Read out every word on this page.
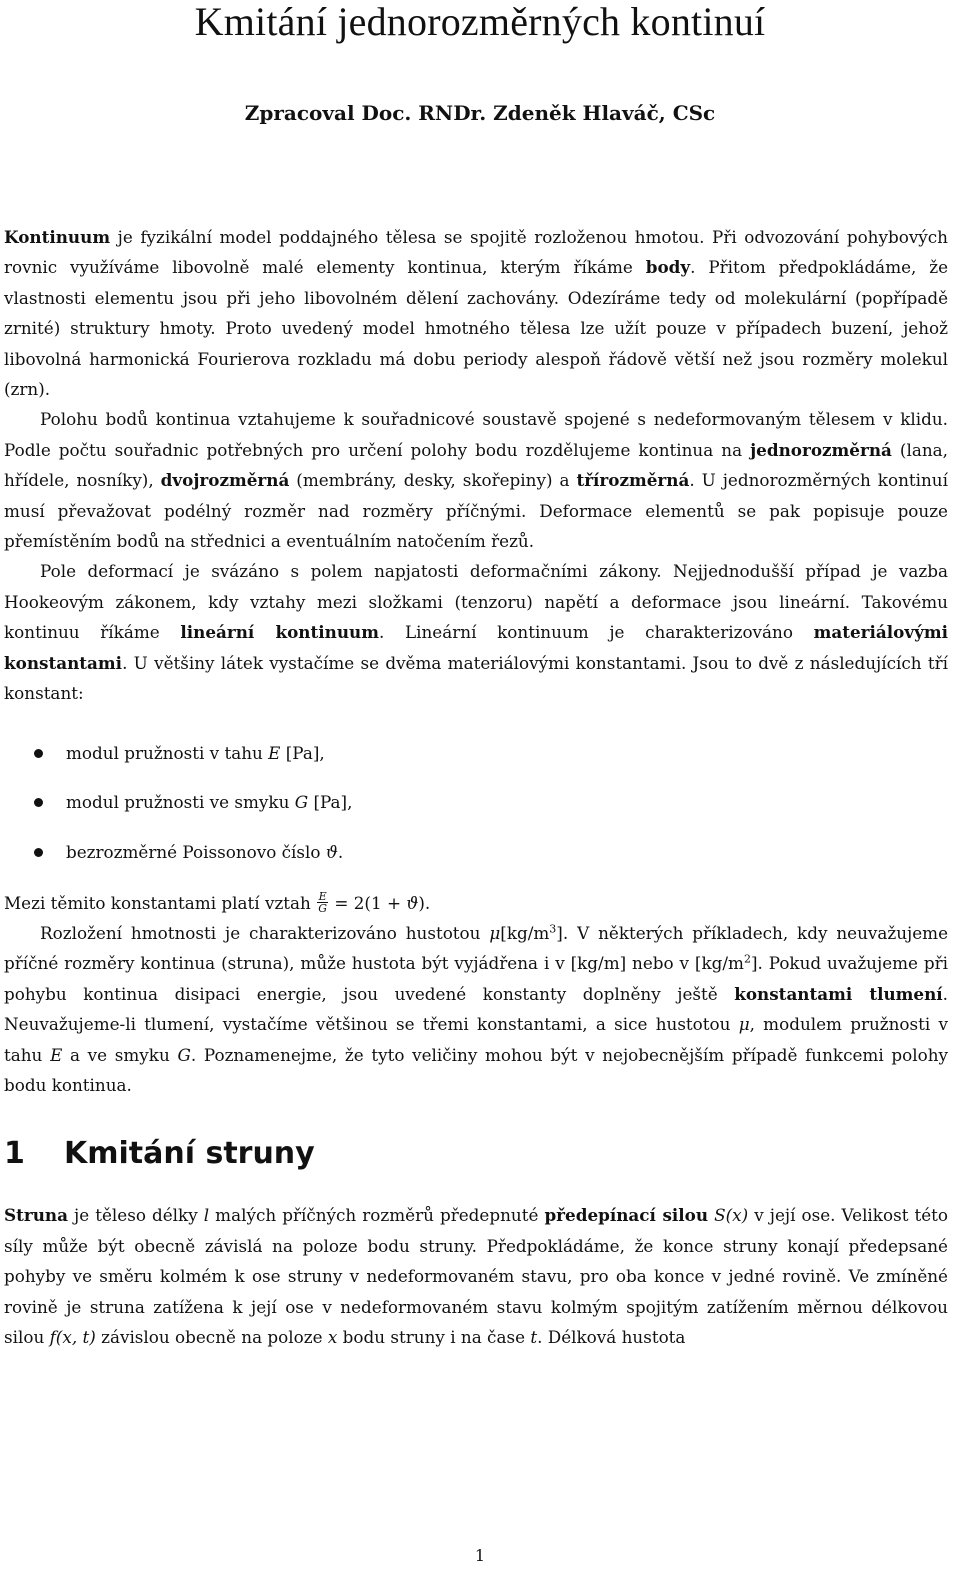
Kmitání jednorozměrných kontinuí
Zpracoval Doc. RNDr. Zdeněk Hlaváč, CSc

Kontinuum je fyzikální model poddajného tělesa se spojitě rozloženou hmotou. Při odvozování pohybových rovnic využíváme libovolně malé elementy kontinua, kterým říkáme body. Přitom předpokládáme, že vlastnosti elementu jsou při jeho libovolném dělení zachovány. Odezíráme tedy od molekulární (popřípadě zrnité) struktury hmoty. Proto uvedený model hmotného tělesa lze užít pouze v případech buzení, jehož libovolná harmonická Fourierova rozkladu má dobu periody alespoň řádově větší než jsou rozměry molekul (zrn).

Polohu bodů kontinua vztahujeme k souřadnicové soustavě spojené s nedeformovaným tělesem v klidu. Podle počtu souřadnic potřebných pro určení polohy bodu rozdělujeme kontinua na jednorozměrná (lana, hřídele, nosníky), dvojrozměrná (membrány, desky, skořepiny) a třírozměrná. U jednorozměrných kontinuí musí převažovat podélný rozměr nad rozměry příčnými. Deformace elementů se pak popisuje pouze přemístěním bodů na střednici a eventuálním natočením řezů.

Pole deformací je svázáno s polem napjatosti deformačními zákony. Nejjednodušší případ je vazba Hookeovým zákonem, kdy vztahy mezi složkami (tenzoru) napětí a deformace jsou lineární. Takovému kontinuu říkáme lineární kontinuum. Lineární kontinuum je charakterizováno materiálovými konstantami. U většiny látek vystačíme se dvěma materiálovými konstantami. Jsou to dvě z následujících tří konstant:

modul pružnosti v tahu E [Pa],
modul pružnosti ve smyku G [Pa],
bezrozměrné Poissonovo číslo ϑ.

Mezi těmito konstantami platí vztah $\frac{E}{G} = 2(1 + ϑ)$.

Rozložení hmotnosti je charakterizováno hustotou $\mu[kg/m^3]$. V některých příkladech, kdy neuvažujeme příčné rozměry kontinua (struna), může hustota být vyjádřena i v [kg/m] nebo v $[kg/m^2]$. Pokud uvažujeme při pohybu kontinua disipaci energie, jsou uvedené konstanty doplněny ještě konstantami tlumení. Neuvažujeme-li tlumení, vystačíme většinou se třemi konstantami, a sice hustotou μ, modulem pružnosti v tahu E a ve smyku G. Poznamenejme, že tyto veličiny mohou být v nejobecnějším případě funkcemi polohy bodu kontinua.

1 Kmitání struny

Struna je těleso délky l malých příčných rozměrů předepnuté předepínací silou S(x) v její ose. Velikost této síly může být obecně závislá na poloze bodu struny. Předpokládáme, že konce struny konají předepsané pohyby ve směru kolmém k ose struny v nedeformovaném stavu, pro oba konce v jedné rovině. Ve zmíněné rovině je struna zatížena k její ose v nedeformovaném stavu kolmým spojitým zatížením měrnou délkovou silou f(x, t) závislou obecně na poloze x bodu struny i na čase t. Délková hustota

1
